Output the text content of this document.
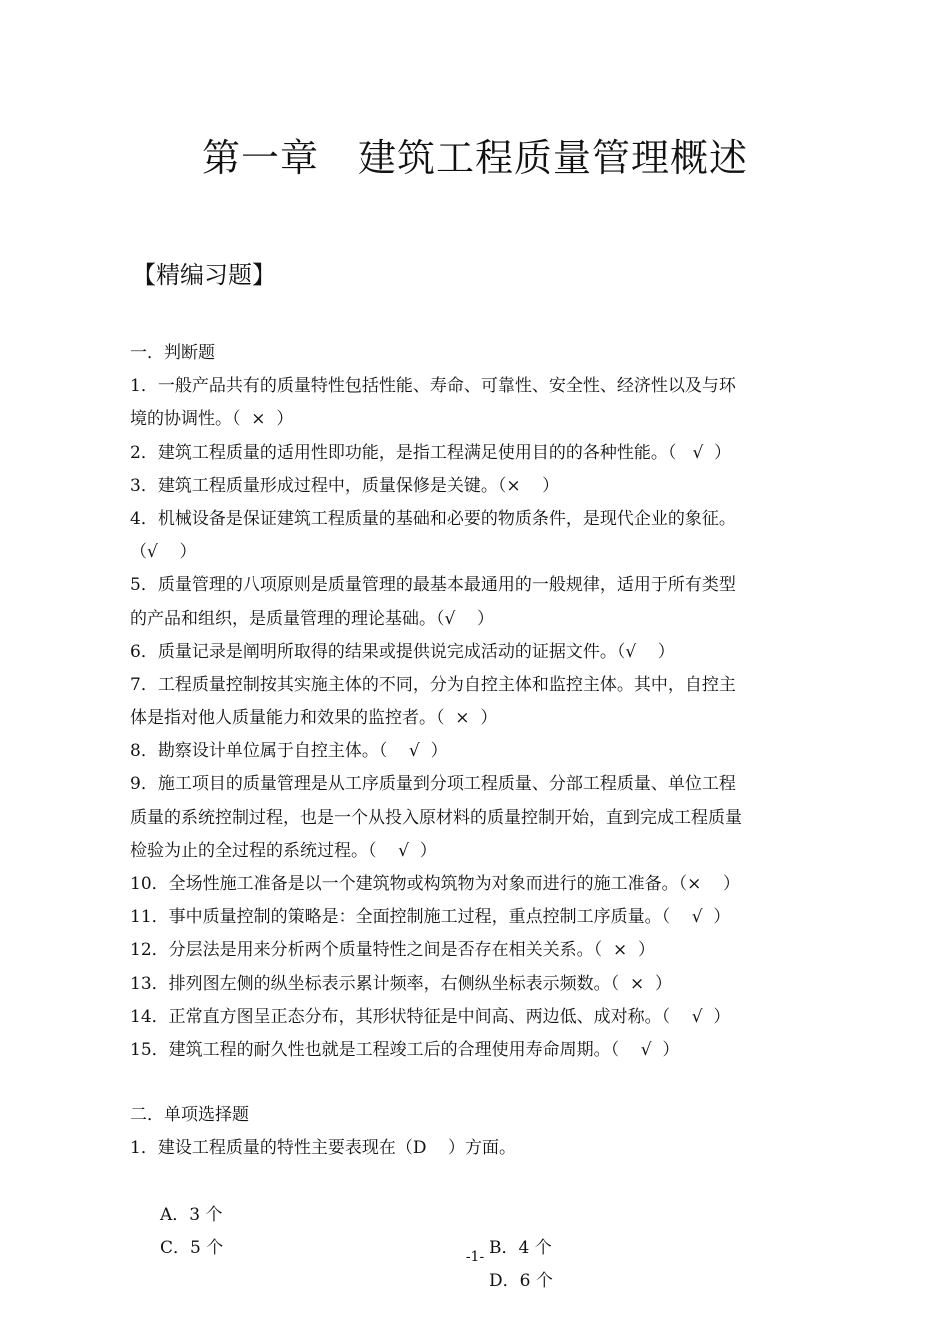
第一章　建筑工程质量管理概述
【精编习题】
一．判断题
1．一般产品共有的质量特性包括性能、寿命、可靠性、安全性、经济性以及与环
境的协调性。（  ×  ）
2．建筑工程质量的适用性即功能，是指工程满足使用目的的各种性能。（   √  ）
3．建筑工程质量形成过程中，质量保修是关键。（×    ）
4．机械设备是保证建筑工程质量的基础和必要的物质条件，是现代企业的象征。
（√    ）
5．质量管理的八项原则是质量管理的最基本最通用的一般规律，适用于所有类型
的产品和组织，是质量管理的理论基础。（√    ）
6．质量记录是阐明所取得的结果或提供说完成活动的证据文件。（√    ）
7．工程质量控制按其实施主体的不同，分为自控主体和监控主体。其中，自控主
体是指对他人质量能力和效果的监控者。（  ×  ）
8．勘察设计单位属于自控主体。（    √  ）
9．施工项目的质量管理是从工序质量到分项工程质量、分部工程质量、单位工程
质量的系统控制过程，也是一个从投入原材料的质量控制开始，直到完成工程质量
检验为止的全过程的系统过程。（    √  ）
10．全场性施工准备是以一个建筑物或构筑物为对象而进行的施工准备。（×    ）
11．事中质量控制的策略是：全面控制施工过程，重点控制工序质量。（    √  ）
12．分层法是用来分析两个质量特性之间是否存在相关关系。（  ×  ）
13．排列图左侧的纵坐标表示累计频率，右侧纵坐标表示频数。（  ×  ）
14．正常直方图呈正态分布，其形状特征是中间高、两边低、成对称。（    √  ）
15．建筑工程的耐久性也就是工程竣工后的合理使用寿命周期。（    √  ）
二．单项选择题
1．建设工程质量的特性主要表现在（D    ）方面。

A．3 个

B．4 个

C．5 个

D．6 个

-1-
